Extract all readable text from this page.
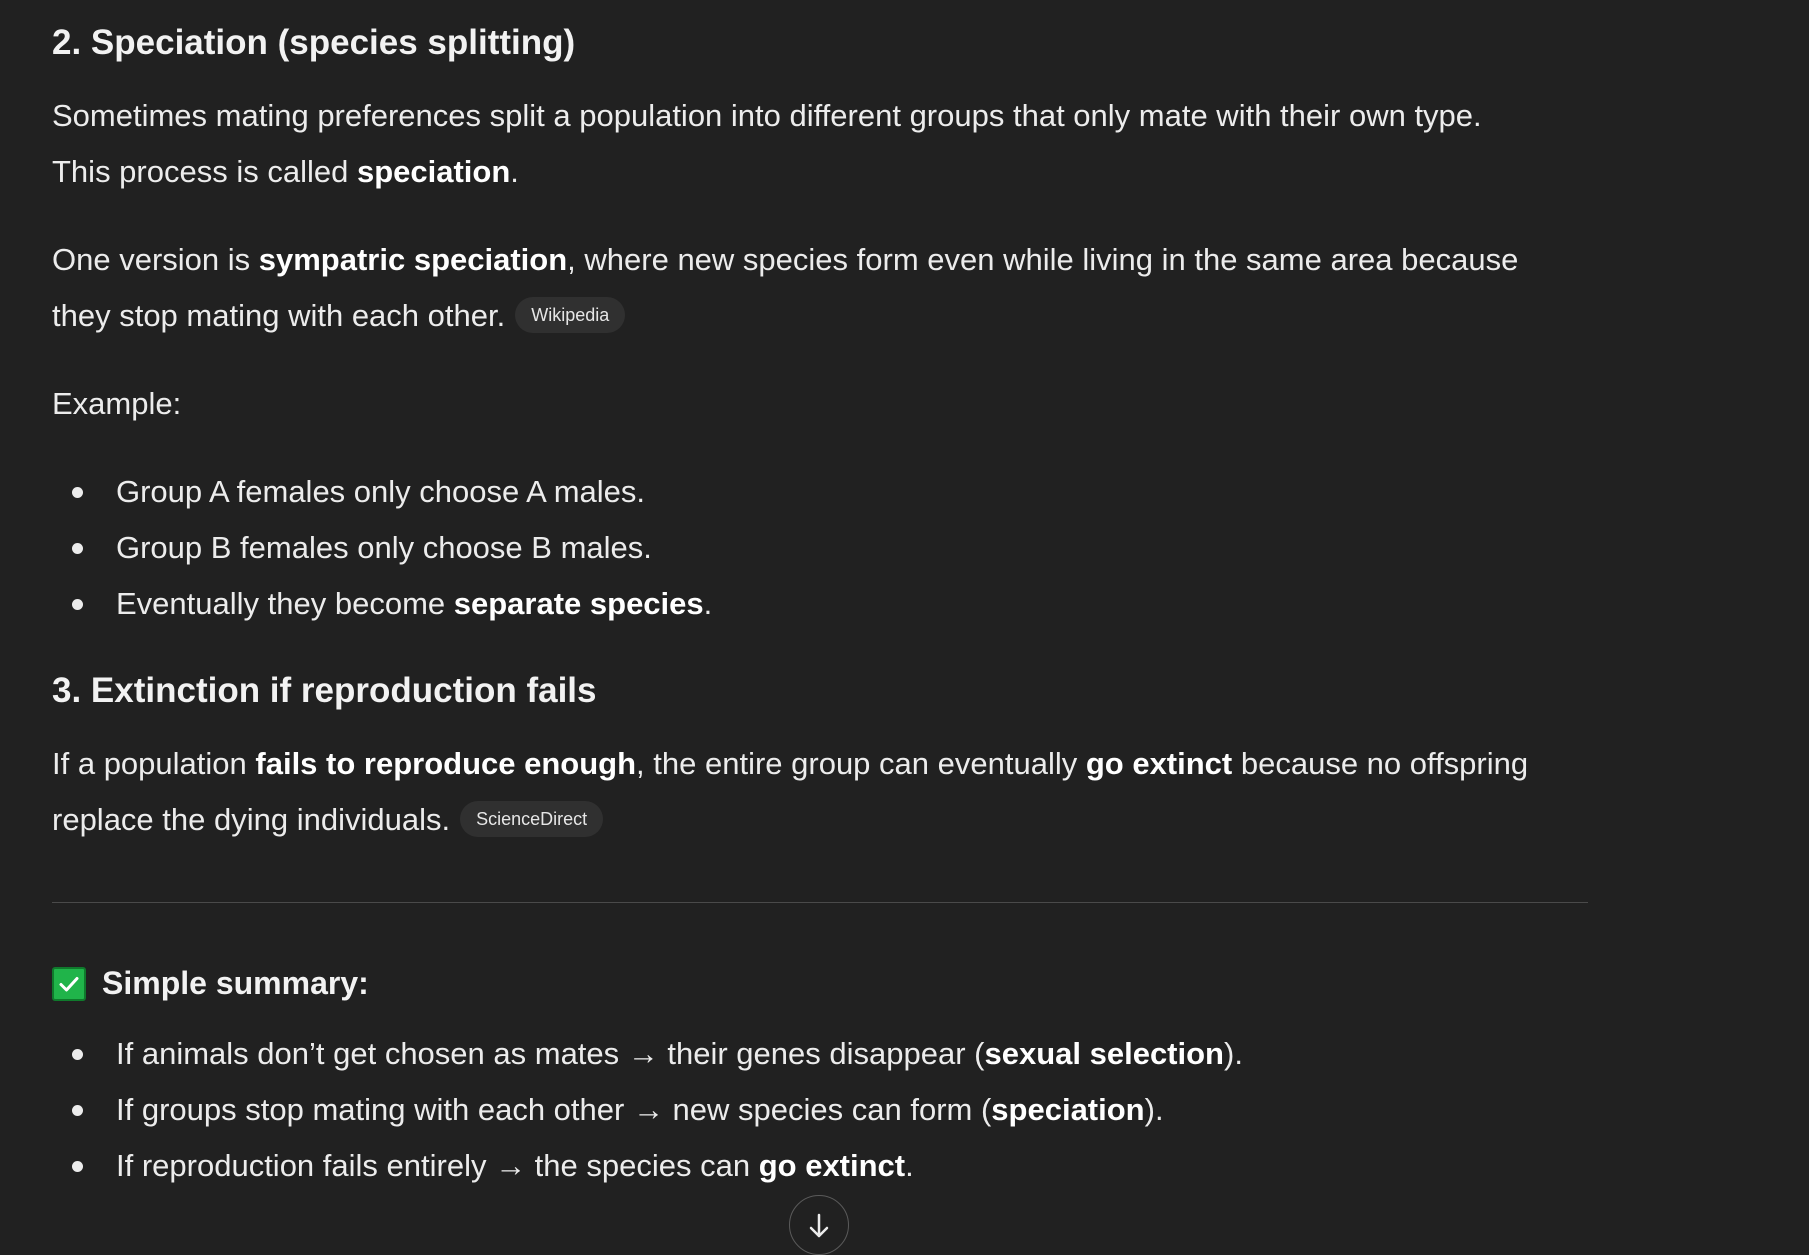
2. Speciation (species splitting)

Sometimes mating preferences split a population into different groups that only mate with their own type.
This process is called speciation.

One version is sympatric speciation, where new species form even while living in the same area because
they stop mating with each other. Wikipedia

Example:

Group A females only choose A males.
Group B females only choose B males.
Eventually they become separate species.
3. Extinction if reproduction fails

If a population fails to reproduce enough, the entire group can eventually go extinct because no offspring
replace the dying individuals. ScienceDirect

Simple summary:
If animals don’t get chosen as mates → their genes disappear (sexual selection).
If groups stop mating with each other → new species can form (speciation).
If reproduction fails entirely → the species can go extinct.
